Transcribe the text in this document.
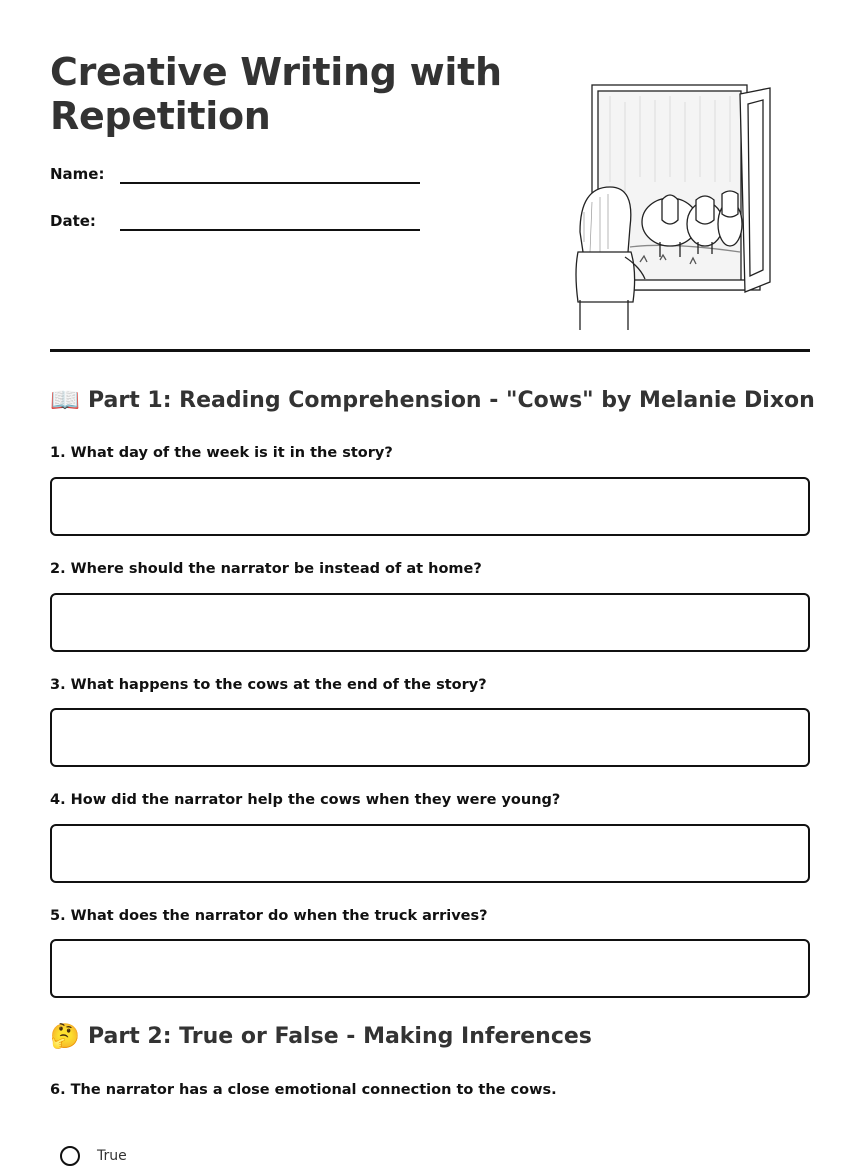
Creative Writing with Repetition
Name:
Date:
📖 Part 1: Reading Comprehension - "Cows" by Melanie Dixon
1. What day of the week is it in the story?
2. Where should the narrator be instead of at home?
3. What happens to the cows at the end of the story?
4. How did the narrator help the cows when they were young?
5. What does the narrator do when the truck arrives?
🤔 Part 2: True or False - Making Inferences
6. The narrator has a close emotional connection to the cows.
True
